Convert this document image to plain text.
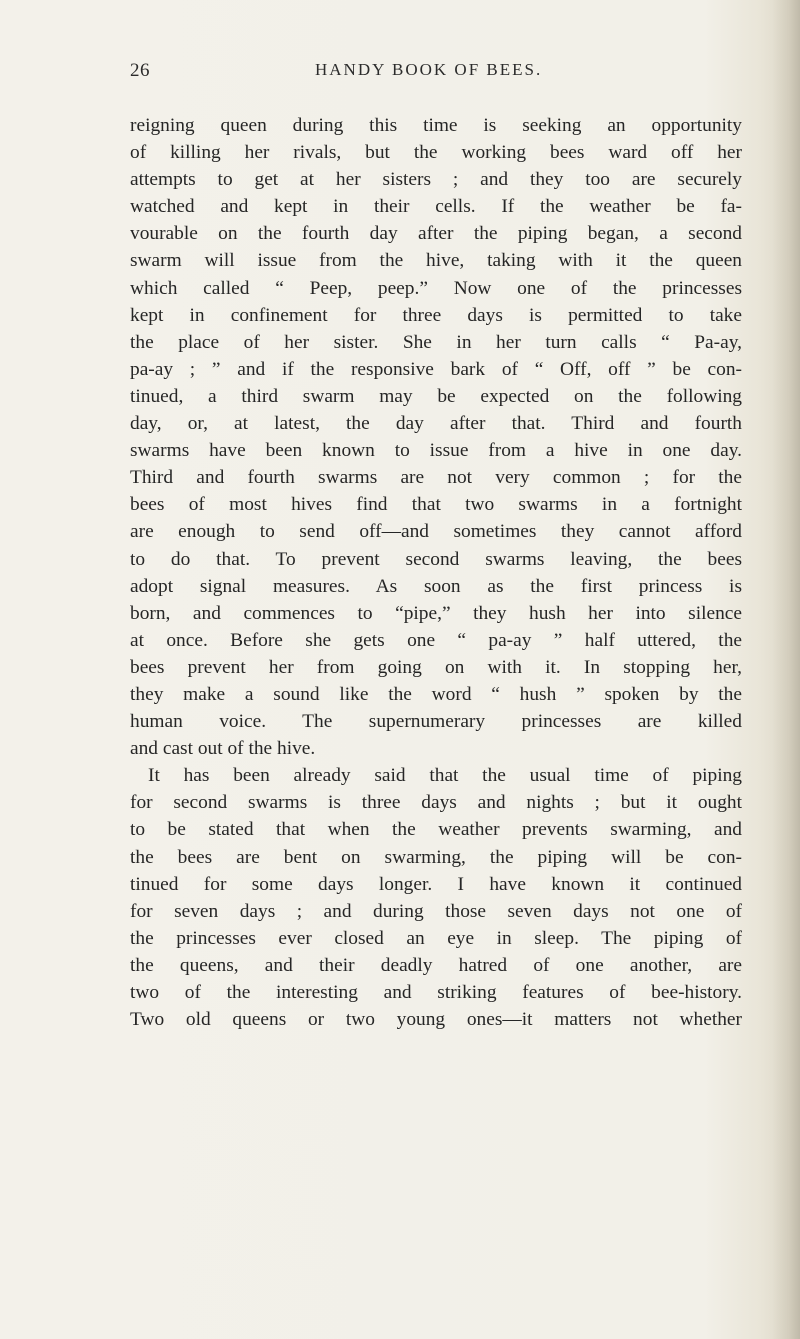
26	HANDY BOOK OF BEES.
reigning queen during this time is seeking an opportunity
of killing her rivals, but the working bees ward off her
attempts to get at her sisters ; and they too are securely
watched and kept in their cells. If the weather be fa-
vourable on the fourth day after the piping began, a second
swarm will issue from the hive, taking with it the queen
which called “ Peep, peep.” Now one of the princesses
kept in confinement for three days is permitted to take
the place of her sister. She in her turn calls “ Pa-ay,
pa-ay ; ” and if the responsive bark of “ Off, off ” be con-
tinued, a third swarm may be expected on the following
day, or, at latest, the day after that. Third and fourth
swarms have been known to issue from a hive in one day.
Third and fourth swarms are not very common ; for the
bees of most hives find that two swarms in a fortnight
are enough to send off—and sometimes they cannot afford
to do that. To prevent second swarms leaving, the bees
adopt signal measures. As soon as the first princess is
born, and commences to “pipe,” they hush her into silence
at once. Before she gets one “ pa-ay ” half uttered, the
bees prevent her from going on with it. In stopping her,
they make a sound like the word “ hush ” spoken by the
human voice. The supernumerary princesses are killed
and cast out of the hive.
It has been already said that the usual time of piping
for second swarms is three days and nights ; but it ought
to be stated that when the weather prevents swarming, and
the bees are bent on swarming, the piping will be con-
tinued for some days longer. I have known it continued
for seven days ; and during those seven days not one of
the princesses ever closed an eye in sleep. The piping of
the queens, and their deadly hatred of one another, are
two of the interesting and striking features of bee-history.
Two old queens or two young ones—it matters not whether
